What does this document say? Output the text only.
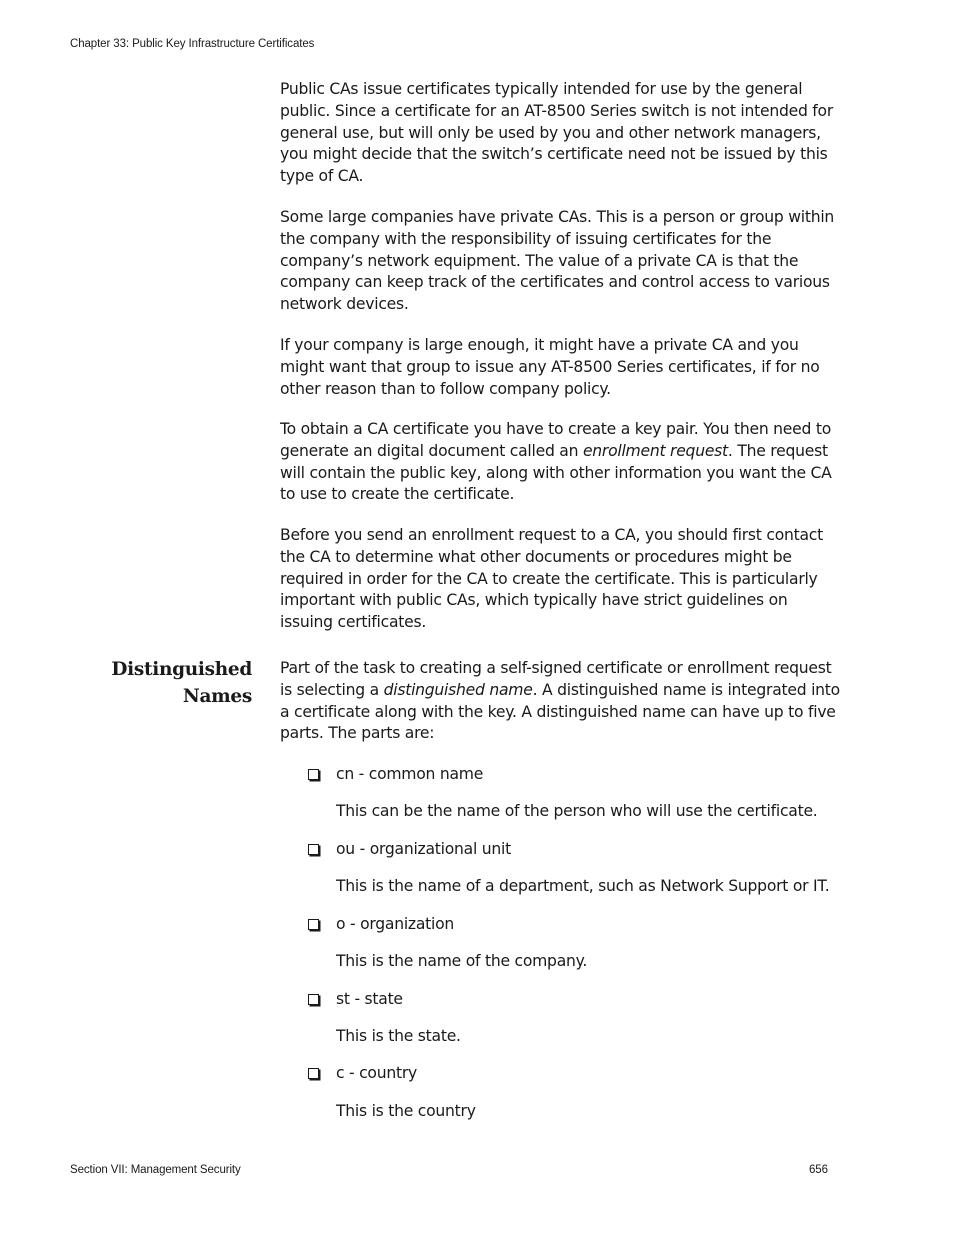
Chapter 33: Public Key Infrastructure Certificates

Public CAs issue certificates typically intended for use by the general public. Since a certificate for an AT-8500 Series switch is not intended for general use, but will only be used by you and other network managers, you might decide that the switch’s certificate need not be issued by this type of CA.

Some large companies have private CAs. This is a person or group within the company with the responsibility of issuing certificates for the company’s network equipment. The value of a private CA is that the company can keep track of the certificates and control access to various network devices.

If your company is large enough, it might have a private CA and you might want that group to issue any AT-8500 Series certificates, if for no other reason than to follow company policy.

To obtain a CA certificate you have to create a key pair. You then need to generate an digital document called an enrollment request. The request will contain the public key, along with other information you want the CA to use to create the certificate.

Before you send an enrollment request to a CA, you should first contact the CA to determine what other documents or procedures might be required in order for the CA to create the certificate. This is particularly important with public CAs, which typically have strict guidelines on issuing certificates.

Distinguished
Names

Part of the task to creating a self-signed certificate or enrollment request is selecting a distinguished name. A distinguished name is integrated into a certificate along with the key. A distinguished name can have up to five parts. The parts are:

cn - common name
This can be the name of the person who will use the certificate.
ou - organizational unit
This is the name of a department, such as Network Support or IT.
o - organization
This is the name of the company.
st - state
This is the state.
c - country
This is the country
Section VII: Management Security	656
